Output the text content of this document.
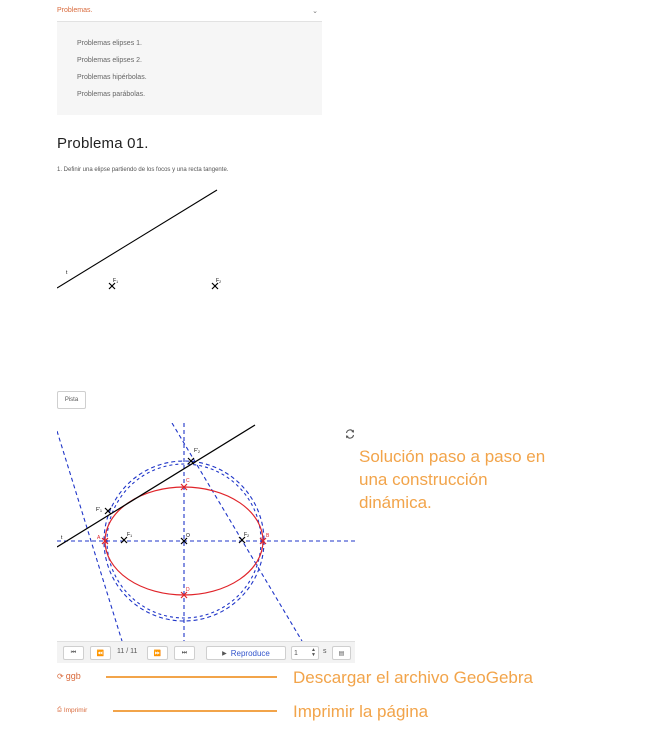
Problemas.	⌄
Problemas elipses 1.
Problemas elipses 2.
Problemas hipérbolas.
Problemas parábolas.
Problema 01.

1. Definir una elipse partiendo de los focos y una recta tangente.

t
$F_1$	$F_2$
Pista
t	$F_1$	$F_2$
$F'_1$
$F'_2$
O
A	B
C
D
⏮	⏪ 11 / 11	⏩	⏭	▶ Reproduce	1	▲
▼ s ▤
⟳ ggb
⎙ Imprimir
Solución paso a paso en una construcción dinámica.
Descargar el archivo GeoGebra
Imprimir la página
